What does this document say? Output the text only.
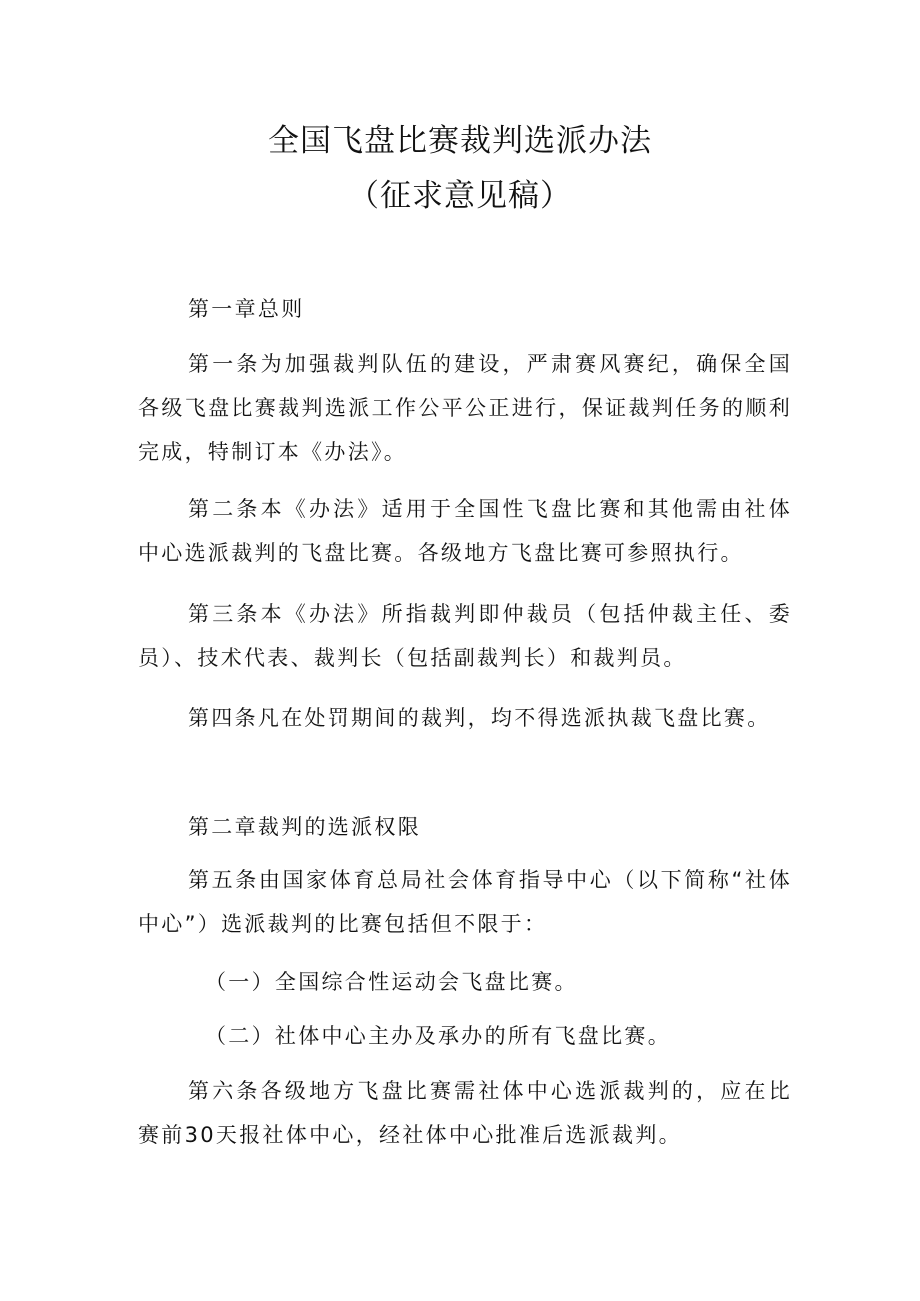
全国飞盘比赛裁判选派办法
（征求意见稿）

第一章总则

第一条为加强裁判队伍的建设，严肃赛风赛纪，确保全国各级飞盘比赛裁判选派工作公平公正进行，保证裁判任务的顺利完成，特制订本《办法》。

第二条本《办法》适用于全国性飞盘比赛和其他需由社体中心选派裁判的飞盘比赛。各级地方飞盘比赛可参照执行。

第三条本《办法》所指裁判即仲裁员（包括仲裁主任、委员）、技术代表、裁判长（包括副裁判长）和裁判员。

第四条凡在处罚期间的裁判，均不得选派执裁飞盘比赛。

第二章裁判的选派权限

第五条由国家体育总局社会体育指导中心（以下简称“社体中心”）选派裁判的比赛包括但不限于：

（一）全国综合性运动会飞盘比赛。

（二）社体中心主办及承办的所有飞盘比赛。

第六条各级地方飞盘比赛需社体中心选派裁判的，应在比赛前30天报社体中心，经社体中心批准后选派裁判。
